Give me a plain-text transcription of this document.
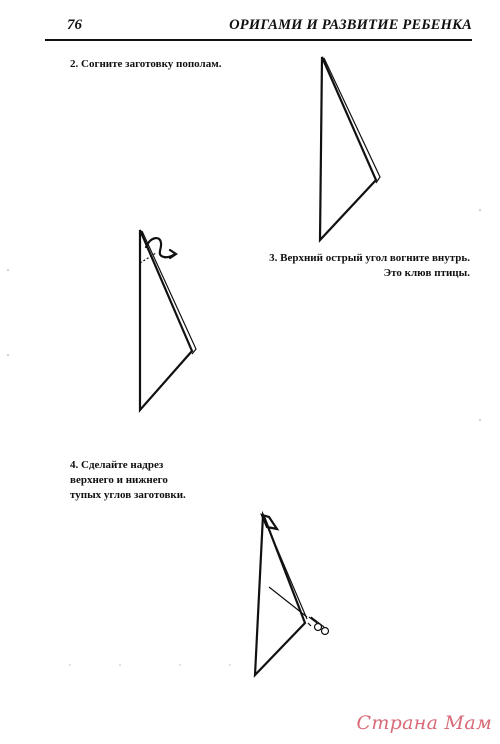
76	ОРИГАМИ И РАЗВИТИЕ РЕБЕНКА
2. Согните заготовку пополам.
3. Верхний острый угол вогните внутрь.
Это клюв птицы.
4. Сделайте надрез
верхнего и нижнего
тупых углов заготовки.
Страна Мам
